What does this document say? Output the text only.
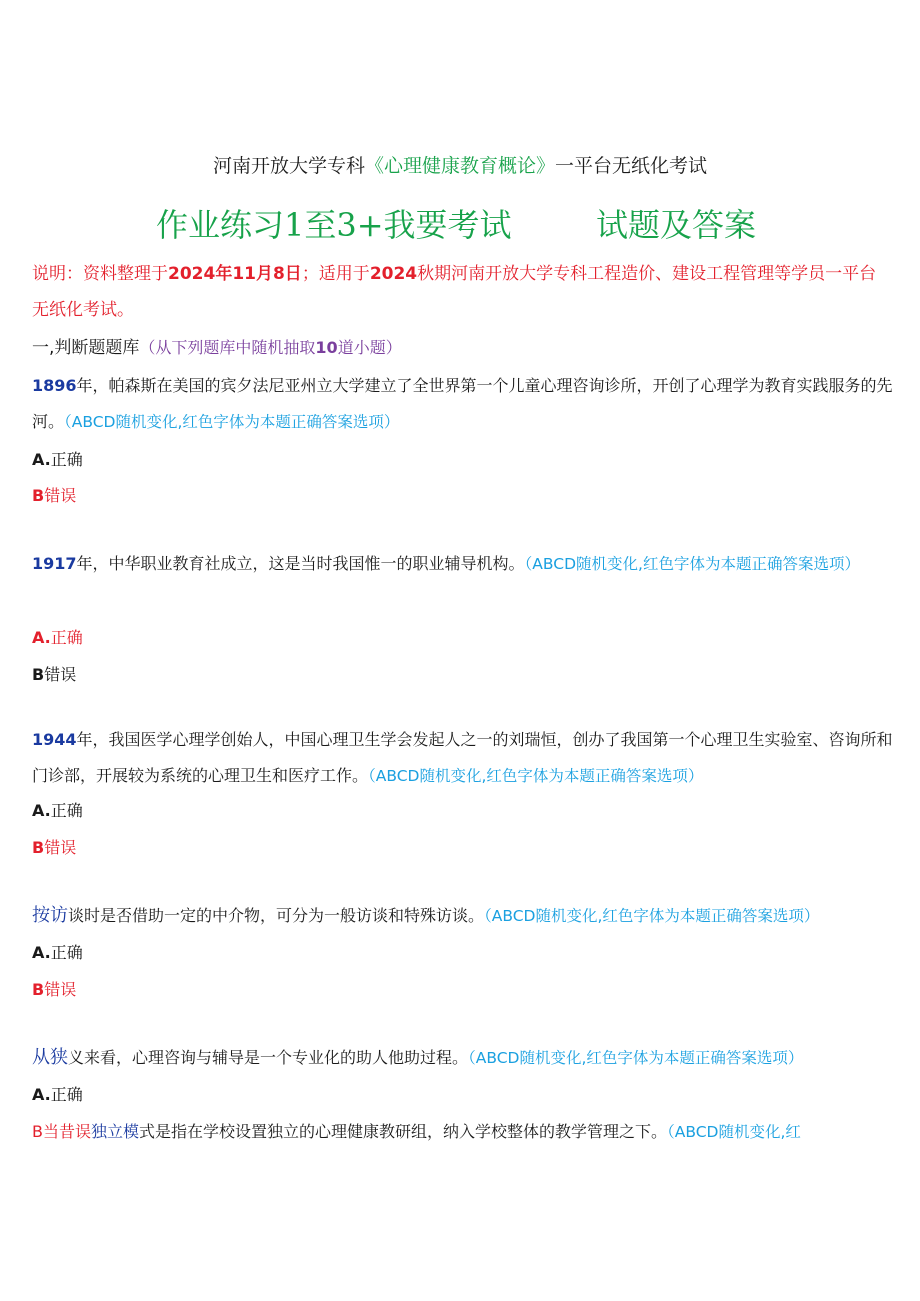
河南开放大学专科《心理健康教育概论》一平台无纸化考试
作业练习1至3+我要考试	试题及答案
说明：资料整理于2024年11月8日；适用于2024秋期河南开放大学专科工程造价、建设工程管理等学员一平台无纸化考试。
一,判断题题库（从下列题库中随机抽取10道小题）
1896年，帕森斯在美国的宾夕法尼亚州立大学建立了全世界第一个儿童心理咨询诊所，开创了心理学为教育实践服务的先河。（ABCD随机变化,红色字体为本题正确答案选项）
A.正确
B错误
1917年，中华职业教育社成立，这是当时我国惟一的职业辅导机构。（ABCD随机变化,红色字体为本题正确答案选项）
A.正确
B错误
1944年，我国医学心理学创始人，中国心理卫生学会发起人之一的刘瑞恒，创办了我国第一个心理卫生实验室、咨询所和门诊部，开展较为系统的心理卫生和医疗工作。（ABCD随机变化,红色字体为本题正确答案选项）
A.正确
B错误
按访谈时是否借助一定的中介物，可分为一般访谈和特殊访谈。（ABCD随机变化,红色字体为本题正确答案选项）
A.正确
B错误
从狭义来看，心理咨询与辅导是一个专业化的助人他助过程。（ABCD随机变化,红色字体为本题正确答案选项）
A.正确
B当昔误独立模式是指在学校设置独立的心理健康教研组，纳入学校整体的教学管理之下。（ABCD随机变化,红
